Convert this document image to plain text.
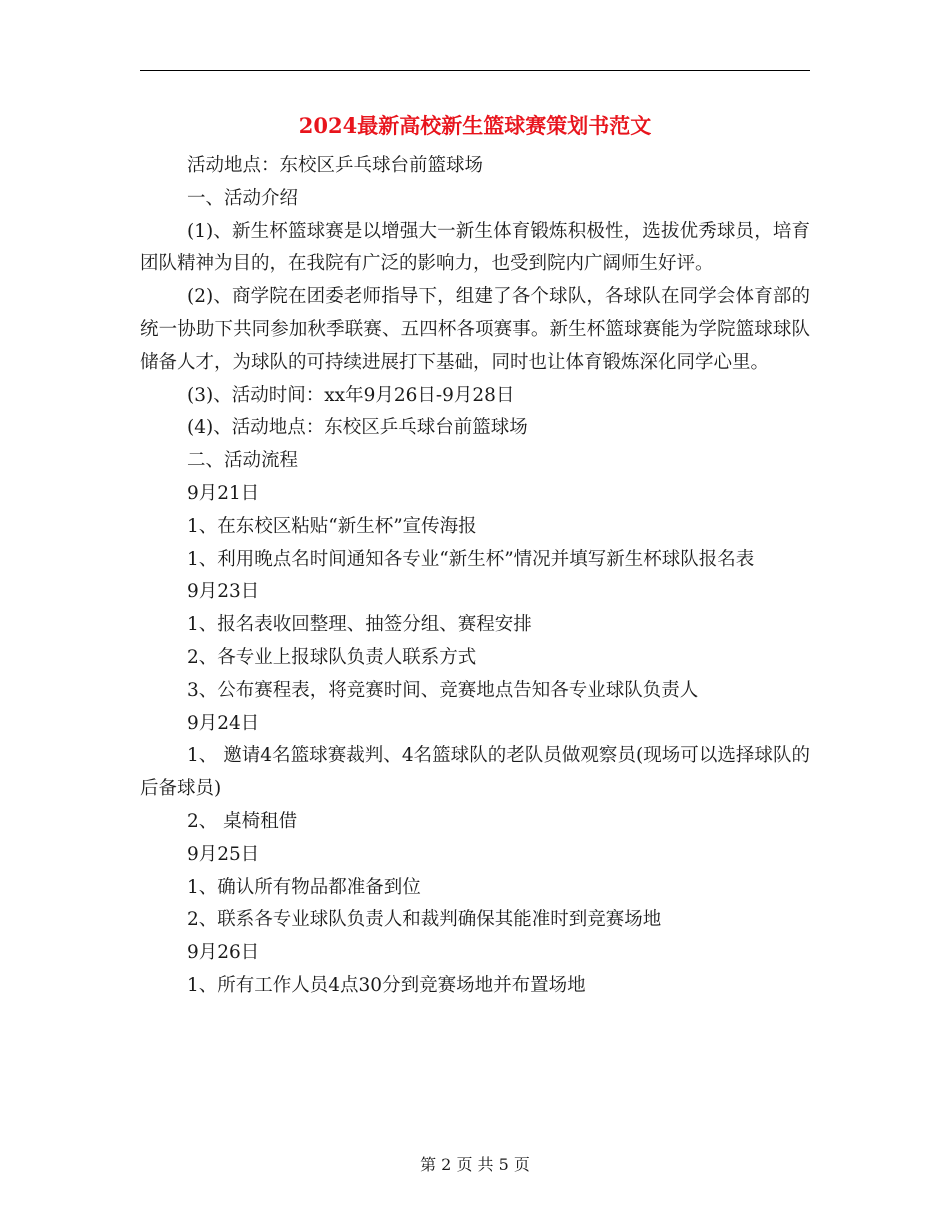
2024最新高校新生篮球赛策划书范文

活动地点：东校区乒乓球台前篮球场

一、活动介绍

(1)、新生杯篮球赛是以增强大一新生体育锻炼积极性，选拔优秀球员，培育团队精神为目的，在我院有广泛的影响力，也受到院内广阔师生好评。

(2)、商学院在团委老师指导下，组建了各个球队，各球队在同学会体育部的统一协助下共同参加秋季联赛、五四杯各项赛事。新生杯篮球赛能为学院篮球球队储备人才，为球队的可持续进展打下基础，同时也让体育锻炼深化同学心里。

(3)、活动时间：xx年9月26日-9月28日

(4)、活动地点：东校区乒乓球台前篮球场

二、活动流程

9月21日

1、在东校区粘贴“新生杯”宣传海报

1、利用晚点名时间通知各专业“新生杯”情况并填写新生杯球队报名表

9月23日

1、报名表收回整理、抽签分组、赛程安排

2、各专业上报球队负责人联系方式

3、公布赛程表，将竞赛时间、竞赛地点告知各专业球队负责人

9月24日

1、 邀请4名篮球赛裁判、4名篮球队的老队员做观察员(现场可以选择球队的后备球员)

2、 桌椅租借

9月25日

1、确认所有物品都准备到位

2、联系各专业球队负责人和裁判确保其能准时到竞赛场地

9月26日

1、所有工作人员4点30分到竞赛场地并布置场地

第 2 页 共 5 页
